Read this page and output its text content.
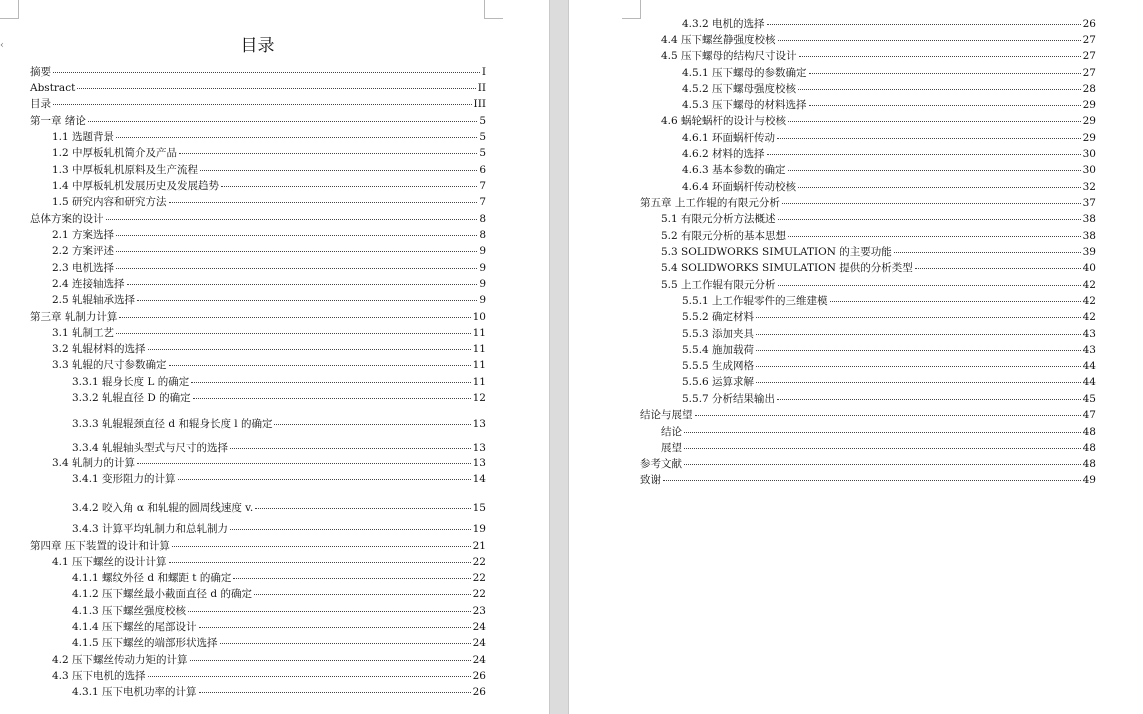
‹	目录
摘要	I
Abstract	II
目录	III
第一章 绪论	5
1.1 选题背景	5
1.2 中厚板轧机简介及产品	5
1.3 中厚板轧机原料及生产流程	6
1.4 中厚板轧机发展历史及发展趋势	7
1.5 研究内容和研究方法	7
总体方案的设计	8
2.1 方案选择	8
2.2 方案评述	9
2.3 电机选择	9
2.4 连接轴选择	9
2.5 轧辊轴承选择	9
第三章 轧制力计算	10
3.1 轧制工艺	11
3.2 轧辊材料的选择	11
3.3 轧辊的尺寸参数确定	11
3.3.1 辊身长度 L 的确定	11
3.3.2 轧辊直径 D 的确定	12
3.3.3 轧辊辊颈直径 d 和辊身长度 l 的确定	13
3.3.4 轧辊轴头型式与尺寸的选择	13
3.4 轧制力的计算	13
3.4.1 变形阻力的计算	14
3.4.2 咬入角 α 和轧辊的圆周线速度 v.	15
3.4.3 计算平均轧制力和总轧制力	19
第四章 压下装置的设计和计算	21
4.1 压下螺丝的设计计算	22
4.1.1 螺纹外径 d 和螺距 t 的确定	22
4.1.2 压下螺丝最小截面直径 d 的确定	22
4.1.3 压下螺丝强度校核	23
4.1.4 压下螺丝的尾部设计	24
4.1.5 压下螺丝的端部形状选择	24
4.2 压下螺丝传动力矩的计算	24
4.3 压下电机的选择	26
4.3.1 压下电机功率的计算	26
4.3.2 电机的选择	26
4.4 压下螺丝静强度校核	27
4.5 压下螺母的结构尺寸设计	27
4.5.1 压下螺母的参数确定	27
4.5.2 压下螺母强度校核	28
4.5.3 压下螺母的材料选择	29
4.6 蜗轮蜗杆的设计与校核	29
4.6.1 环面蜗杆传动	29
4.6.2 材料的选择	30
4.6.3 基本参数的确定	30
4.6.4 环面蜗杆传动校核	32
第五章 上工作辊的有限元分析	37
5.1 有限元分析方法概述	38
5.2 有限元分析的基本思想	38
5.3 SOLIDWORKS SIMULATION 的主要功能	39
5.4 SOLIDWORKS SIMULATION 提供的分析类型	40
5.5 上工作辊有限元分析	42
5.5.1 上工作辊零件的三维建模	42
5.5.2 确定材料	42
5.5.3 添加夹具	43
5.5.4 施加载荷	43
5.5.5 生成网格	44
5.5.6 运算求解	44
5.5.7 分析结果输出	45
结论与展望	47
结论	48
展望	48
参考文献	48
致谢	49
